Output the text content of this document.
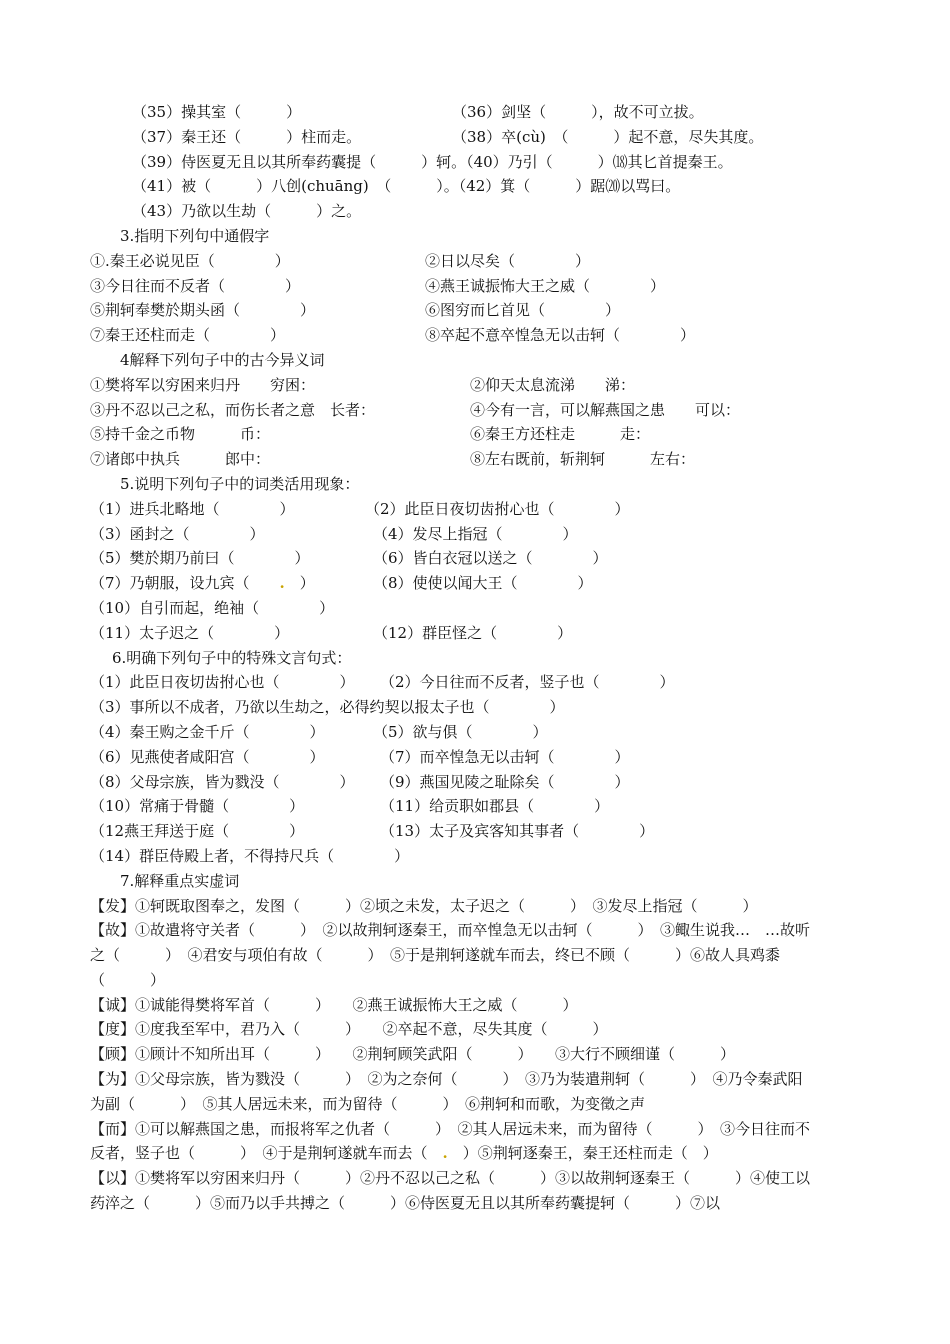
（35）操其室（　　　）	（36）剑坚（　　　），故不可立拔。
（37）秦王还（　　　）柱而走。	（38）卒(cù)　（　　　）起不意，尽失其度。
（39）侍医夏无且以其所奉药囊提（　　　）轲。（40）乃引（　　　）⒅其匕首提秦王。
（41）被（　　　）八创(chuāng)　（　　　）。（42）箕（　　　）踞⒇以骂曰。
（43）乃欲以生劫（　　　）之。
3.指明下列句中通假字
①.秦王必说见臣（　　　　）	②日以尽矣（　　　　）
③今日往而不反者（　　　　）	④燕王诚振怖大王之威（　　　　）
⑤荆轲奉樊於期头函（　　　　）	⑥图穷而匕首见（　　　　）
⑦秦王还柱而走（　　　　）	⑧卒起不意卒惶急无以击轲（　　　　）
4解释下列句子中的古今异义词
①樊将军以穷困来归丹　　穷困：	②仰天太息流涕　　涕：
③丹不忍以己之私，而伤长者之意　长者：	④今有一言，可以解燕国之患　　可以：
⑤持千金之币物　　　币：	⑥秦王方还柱走　　　走：
⑦诸郎中执兵　　　郎中：	⑧左右既前，斩荆轲　　　左右：
5.说明下列句子中的词类活用现象：
（1）进兵北略地（　　　　）	（2）此臣日夜切齿拊心也（　　　　）
（3）函封之（　　　　）	（4）发尽上指冠（　　　　）
（5）樊於期乃前曰（　　　　）	（6）皆白衣冠以送之（　　　　）
（7）乃朝服，设九宾（　　.　）	（8）使使以闻大王（　　　　）
（10）自引而起，绝袖（　　　　）
（11）太子迟之（　　　　）	（12）群臣怪之（　　　　）
6.明确下列句子中的特殊文言句式：
（1）此臣日夜切齿拊心也（　　　　） （2）今日往而不反者，竖子也（　　　　）
（3）事所以不成者，乃欲以生劫之，必得约契以报太子也（　　　　）
（4）秦王购之金千斤（　　　　）	（5）欲与俱（　　　　）
（6）见燕使者咸阳宫（　　　　）	（7）而卒惶急无以击轲（　　　　）
（8）父母宗族，皆为戮没（　　　　） （9）燕国见陵之耻除矣（　　　　）
（10）常痛于骨髓（　　　　）	（11）给贡职如郡县（　　　　）
（12燕王拜送于庭（　　　　）	（13）太子及宾客知其事者（　　　　）
（14）群臣侍殿上者，不得持尺兵（　　　　）
7.解释重点实虚词
【发】①轲既取图奉之，发图（　　　）②顷之未发，太子迟之（　　　）　③发尽上指冠（　　　）
【故】①故遣将守关者（　　　）　②以故荆轲逐秦王，而卒惶急无以击轲（　　　）　③鲰生说我…　…故听之（　　　）　④君安与项伯有故（　　　）　⑤于是荆轲遂就车而去，终已不顾（　　　）⑥故人具鸡黍（　　　）
【诚】①诚能得樊将军首（　　　）　　②燕王诚振怖大王之威（　　　）
【度】①度我至军中，君乃入（　　　）　　②卒起不意，尽失其度（　　　）
【顾】①顾计不知所出耳（　　　）　　②荆轲顾笑武阳（　　　）　　③大行不顾细谨（　　　）
【为】①父母宗族，皆为戮没（　　　）　②为之奈何（　　　）　③乃为装遣荆轲（　　　）　④乃令秦武阳为副（　　　）　⑤其人居远未来，而为留待（　　　）　⑥荆轲和而歌，为变徵之声
【而】①可以解燕国之患，而报将军之仇者（　　　）　②其人居远未来，而为留待（　　　）　③今日往而不反者，竖子也（　　　）　④于是荆轲遂就车而去（　.　）⑤荆轲逐秦王，秦王还柱而走（　）
【以】①樊将军以穷困来归丹（　　　）②丹不忍以己之私（　　　）③以故荆轲逐秦王（　　　）④使工以药淬之（　　　）⑤而乃以手共搏之（　　　）⑥侍医夏无且以其所奉药囊提轲（　　　）⑦以
